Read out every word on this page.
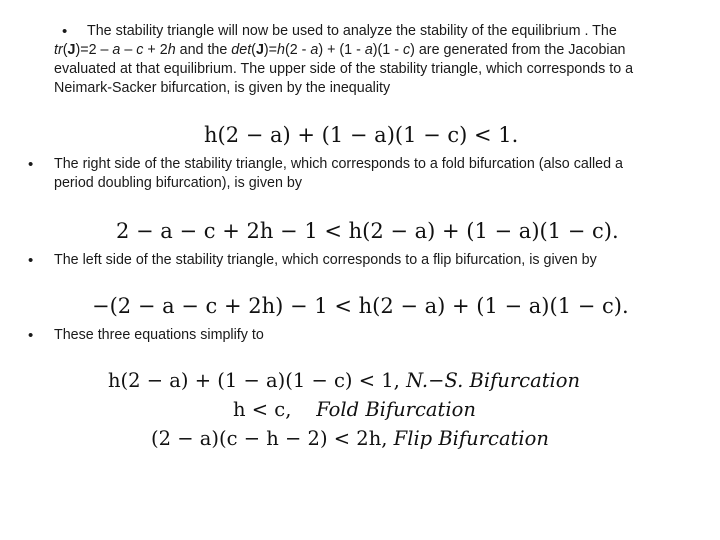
• The stability triangle will now be used to analyze the stability of the equilibrium . The
tr(J)=2 – a – c + 2h and the det(J)=h(2 - a) + (1 - a)(1 - c) are generated from the Jacobian
evaluated at that equilibrium. The upper side of the stability triangle, which corresponds to a
Neimark-Sacker bifurcation, is given by the inequality
h(2 − a) + (1 − a)(1 − c) < 1.
• The right side of the stability triangle, which corresponds to a fold bifurcation (also called a
period doubling bifurcation), is given by
2 − a − c + 2h − 1 < h(2 − a) + (1 − a)(1 − c).
• The left side of the stability triangle, which corresponds to a flip bifurcation, is given by
−(2 − a − c + 2h) − 1 < h(2 − a) + (1 − a)(1 − c).
• These three equations simplify to
h(2 − a) + (1 − a)(1 − c) < 1, N.−S. Bifurcation
h < c, Fold Bifurcation
(2 − a)(c − h − 2) < 2h, Flip Bifurcation
